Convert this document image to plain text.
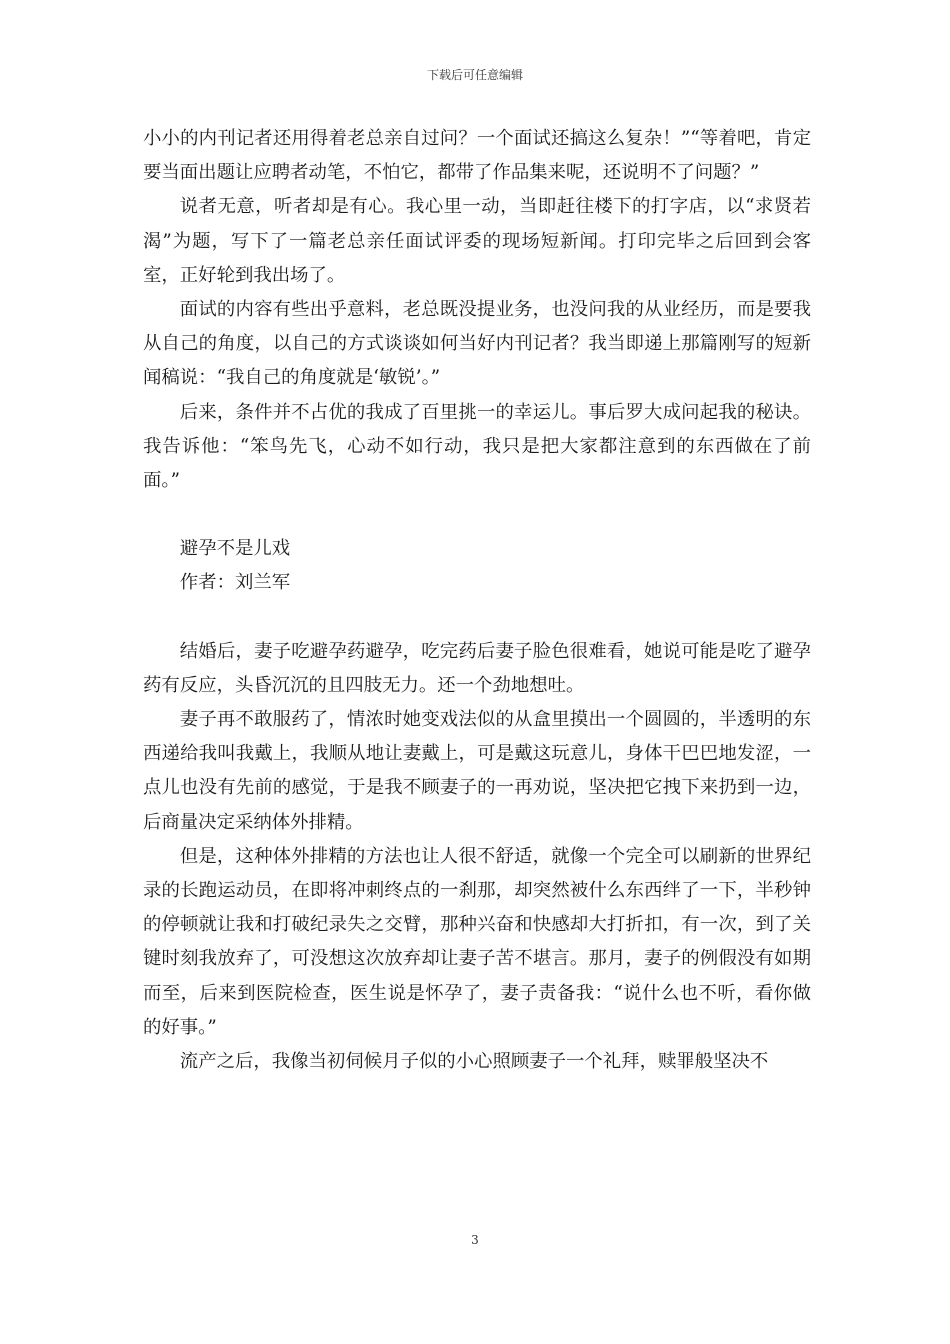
下载后可任意编辑

小小的内刊记者还用得着老总亲自过问？一个面试还搞这么复杂！”“等着吧，肯定要当面出题让应聘者动笔，不怕它，都带了作品集来呢，还说明不了问题？”

说者无意，听者却是有心。我心里一动，当即赶往楼下的打字店，以“求贤若渴”为题，写下了一篇老总亲任面试评委的现场短新闻。打印完毕之后回到会客室，正好轮到我出场了。

面试的内容有些出乎意料，老总既没提业务，也没问我的从业经历，而是要我从自己的角度，以自己的方式谈谈如何当好内刊记者？我当即递上那篇刚写的短新闻稿说：“我自己的角度就是‘敏锐’。”

后来，条件并不占优的我成了百里挑一的幸运儿。事后罗大成问起我的秘诀。我告诉他：“笨鸟先飞，心动不如行动，我只是把大家都注意到的东西做在了前面。”

避孕不是儿戏

作者：刘兰军

结婚后，妻子吃避孕药避孕，吃完药后妻子脸色很难看，她说可能是吃了避孕药有反应，头昏沉沉的且四肢无力。还一个劲地想吐。

妻子再不敢服药了，情浓时她变戏法似的从盒里摸出一个圆圆的，半透明的东西递给我叫我戴上，我顺从地让妻戴上，可是戴这玩意儿，身体干巴巴地发涩，一点儿也没有先前的感觉，于是我不顾妻子的一再劝说，坚决把它拽下来扔到一边，后商量决定采纳体外排精。

但是，这种体外排精的方法也让人很不舒适，就像一个完全可以刷新的世界纪录的长跑运动员，在即将冲刺终点的一刹那，却突然被什么东西绊了一下，半秒钟的停顿就让我和打破纪录失之交臂，那种兴奋和快感却大打折扣，有一次，到了关键时刻我放弃了，可没想这次放弃却让妻子苦不堪言。那月，妻子的例假没有如期而至，后来到医院检查，医生说是怀孕了，妻子责备我：“说什么也不听，看你做的好事。”

流产之后，我像当初伺候月子似的小心照顾妻子一个礼拜，赎罪般坚决不

3
